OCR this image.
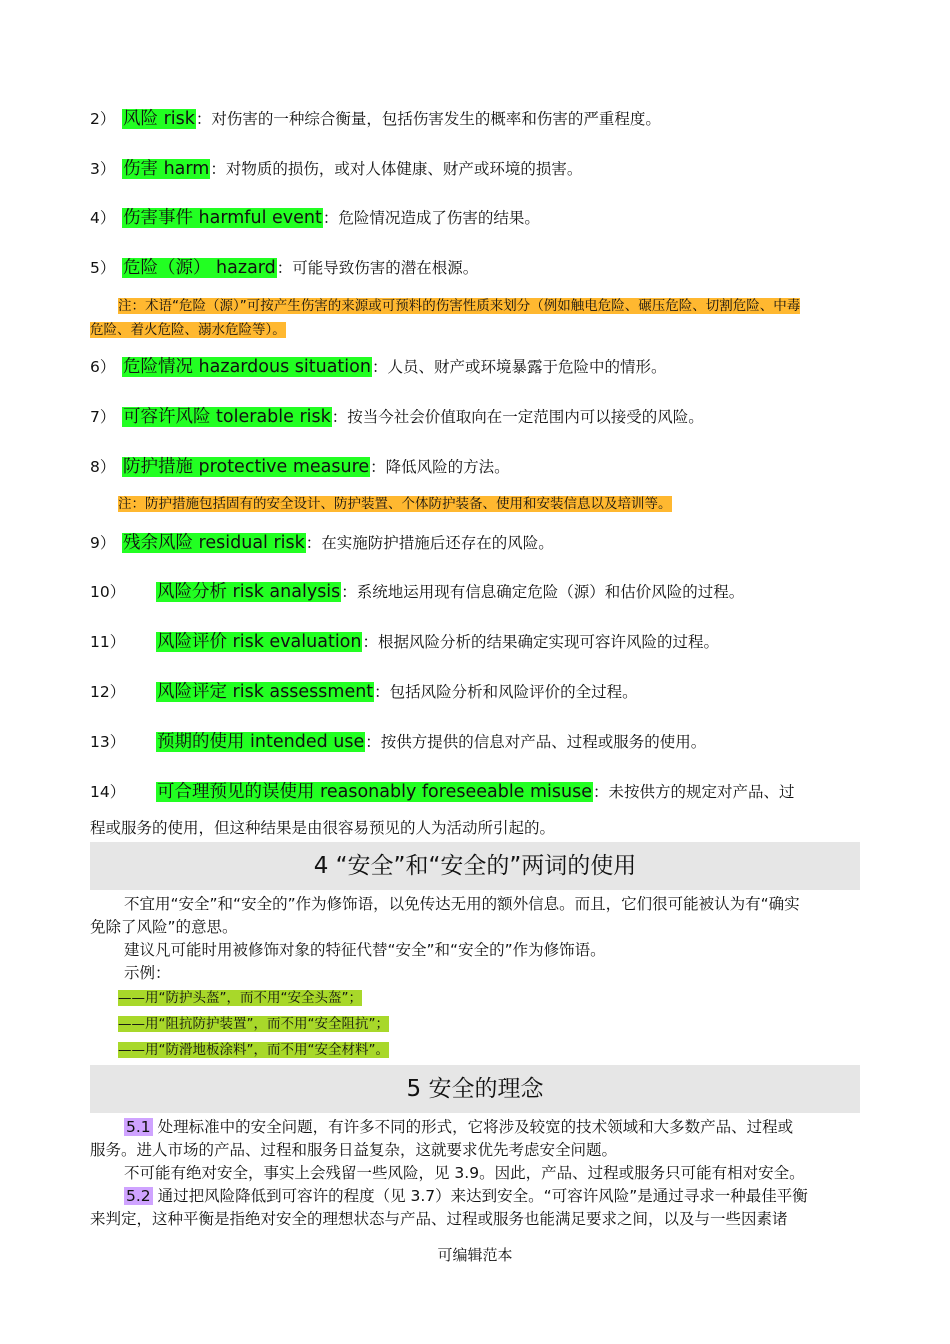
2） 风险 risk：对伤害的一种综合衡量，包括伤害发生的概率和伤害的严重程度。
3） 伤害 harm：对物质的损伤，或对人体健康、财产或环境的损害。
4） 伤害事件 harmful event：危险情况造成了伤害的结果。
5） 危险（源） hazard：可能导致伤害的潜在根源。
注：术语“危险（源）”可按产生伤害的来源或可预料的伤害性质来划分（例如触电危险、碾压危险、切割危险、中毒
危险、着火危险、溺水危险等）。
6） 危险情况 hazardous situation：人员、财产或环境暴露于危险中的情形。
7） 可容许风险 tolerable risk：按当今社会价值取向在一定范围内可以接受的风险。
8） 防护措施 protective measure：降低风险的方法。
注：防护措施包括固有的安全设计、防护装置、个体防护装备、使用和安装信息以及培训等。
9） 残余风险 residual risk：在实施防护措施后还存在的风险。
10） 风险分析 risk analysis：系统地运用现有信息确定危险（源）和估价风险的过程。
11） 风险评价 risk evaluation：根据风险分析的结果确定实现可容许风险的过程。
12） 风险评定 risk assessment：包括风险分析和风险评价的全过程。
13） 预期的使用 intended use：按供方提供的信息对产品、过程或服务的使用。
14） 可合理预见的误使用 reasonably foreseeable misuse：未按供方的规定对产品、过
程或服务的使用，但这种结果是由很容易预见的人为活动所引起的。
4 “安全”和“安全的”两词的使用
不宜用“安全”和“安全的”作为修饰语，以免传达无用的额外信息。而且，它们很可能被认为有“确实
免除了风险”的意思。
建议凡可能时用被修饰对象的特征代替“安全”和“安全的”作为修饰语。
示例：
——用“防护头盔”，而不用“安全头盔”；
——用“阻抗防护装置”，而不用“安全阻抗”；
——用“防滑地板涂料”，而不用“安全材料”。
5 安全的理念
5.1 处理标准中的安全问题，有许多不同的形式，它将涉及较宽的技术领域和大多数产品、过程或
服务。进人市场的产品、过程和服务日益复杂，这就要求优先考虑安全问题。
不可能有绝对安全，事实上会残留一些风险，见 3.9。因此，产品、过程或服务只可能有相对安全。
5.2 通过把风险降低到可容许的程度（见 3.7）来达到安全。“可容许风险”是通过寻求一种最佳平衡
来判定，这种平衡是指绝对安全的理想状态与产品、过程或服务也能满足要求之间，以及与一些因素诸
可编辑范本
